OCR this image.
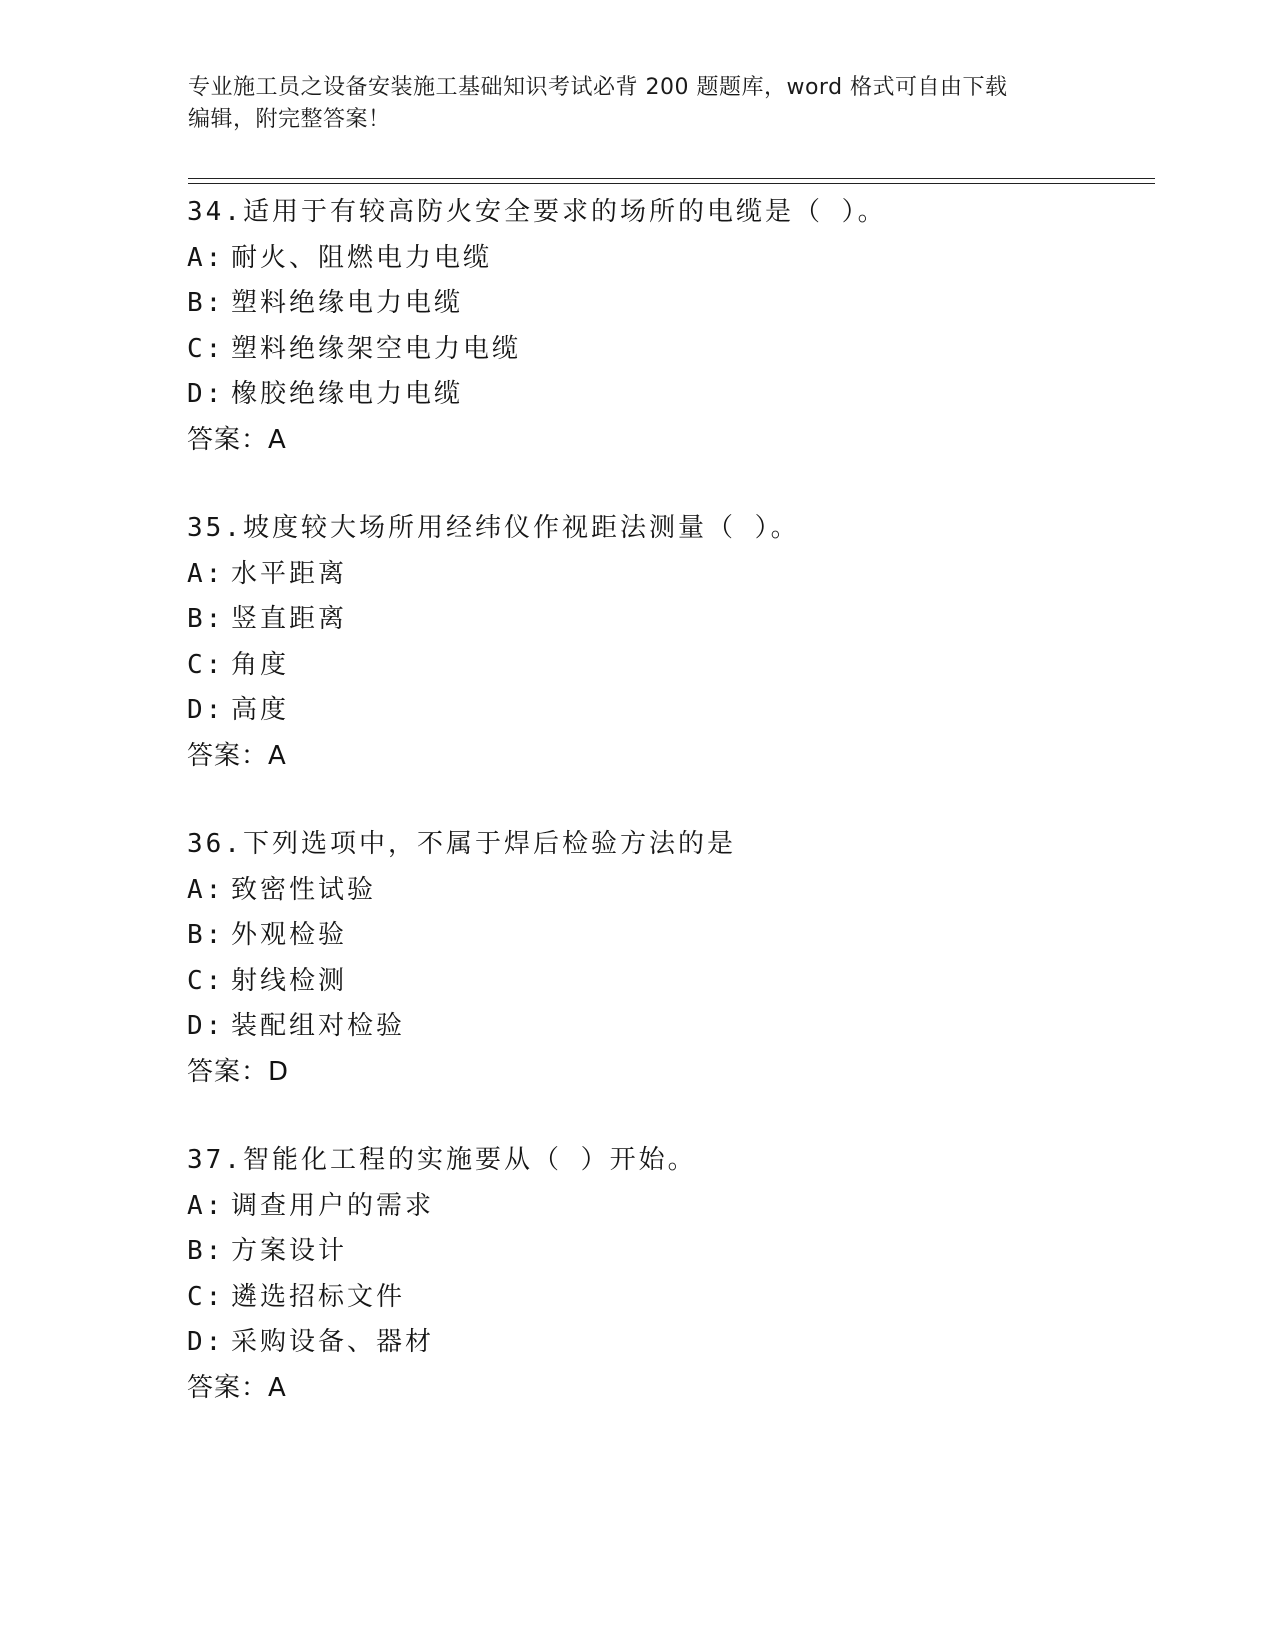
专业施工员之设备安装施工基础知识考试必背 200 题题库，word 格式可自由下载
编辑，附完整答案！
34.适用于有较高防火安全要求的场所的电缆是（ ）。
A: 耐火、阻燃电力电缆
B: 塑料绝缘电力电缆
C: 塑料绝缘架空电力电缆
D: 橡胶绝缘电力电缆
答案：A
35.坡度较大场所用经纬仪作视距法测量（ ）。
A: 水平距离
B: 竖直距离
C: 角度
D: 高度
答案：A
36.下列选项中，不属于焊后检验方法的是
A: 致密性试验
B: 外观检验
C: 射线检测
D: 装配组对检验
答案：D
37.智能化工程的实施要从（ ）开始。
A: 调查用户的需求
B: 方案设计
C: 遴选招标文件
D: 采购设备、器材
答案：A
